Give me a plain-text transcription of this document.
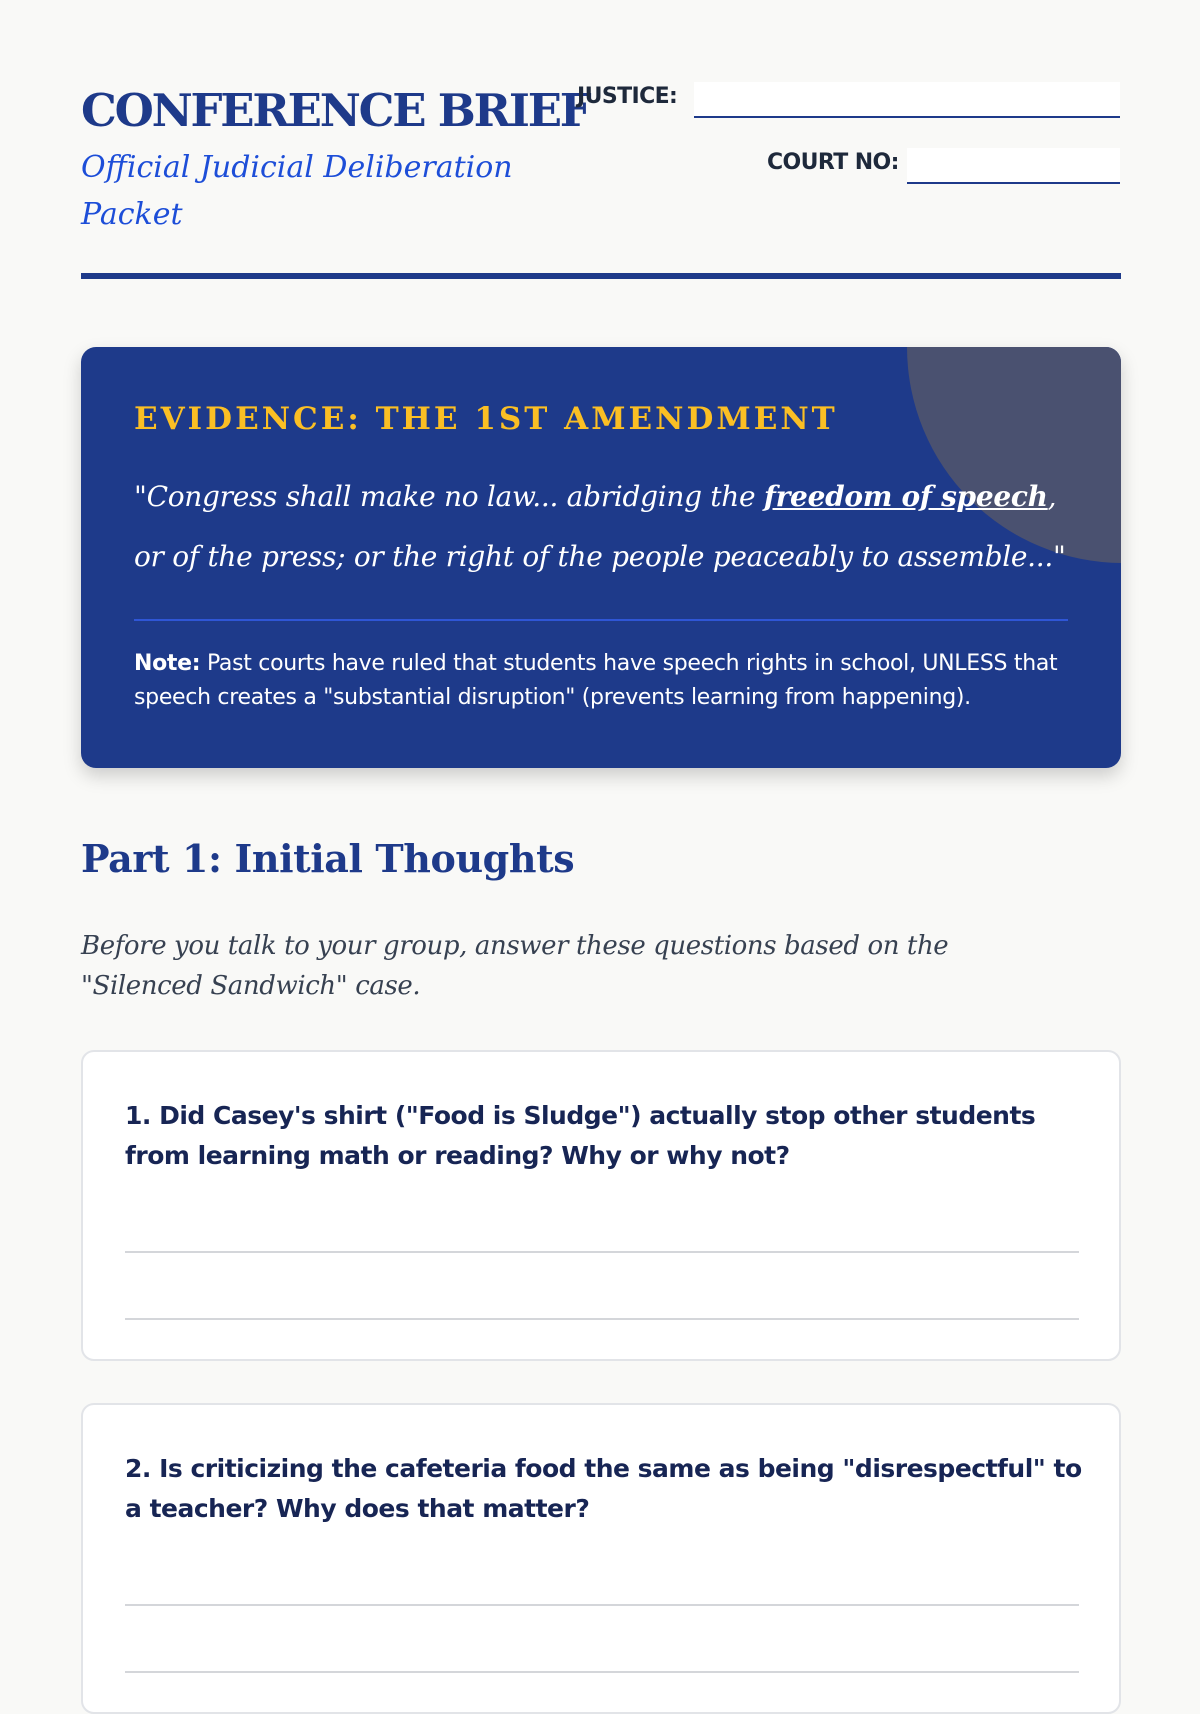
CONFERENCE BRIEF

Official Judicial Deliberation Packet

JUSTICE:
COURT NO:
EVIDENCE: THE 1ST AMENDMENT

"Congress shall make no law... abridging the freedom of speech, or of the press; or the right of the people peaceably to assemble..."

Note: Past courts have ruled that students have speech rights in school, UNLESS that speech creates a "substantial disruption" (prevents learning from happening).

Part 1: Initial Thoughts

Before you talk to your group, answer these questions based on the "Silenced Sandwich" case.

1. Did Casey's shirt ("Food is Sludge") actually stop other students from learning math or reading? Why or why not?

2. Is criticizing the cafeteria food the same as being "disrespectful" to a teacher? Why does that matter?
